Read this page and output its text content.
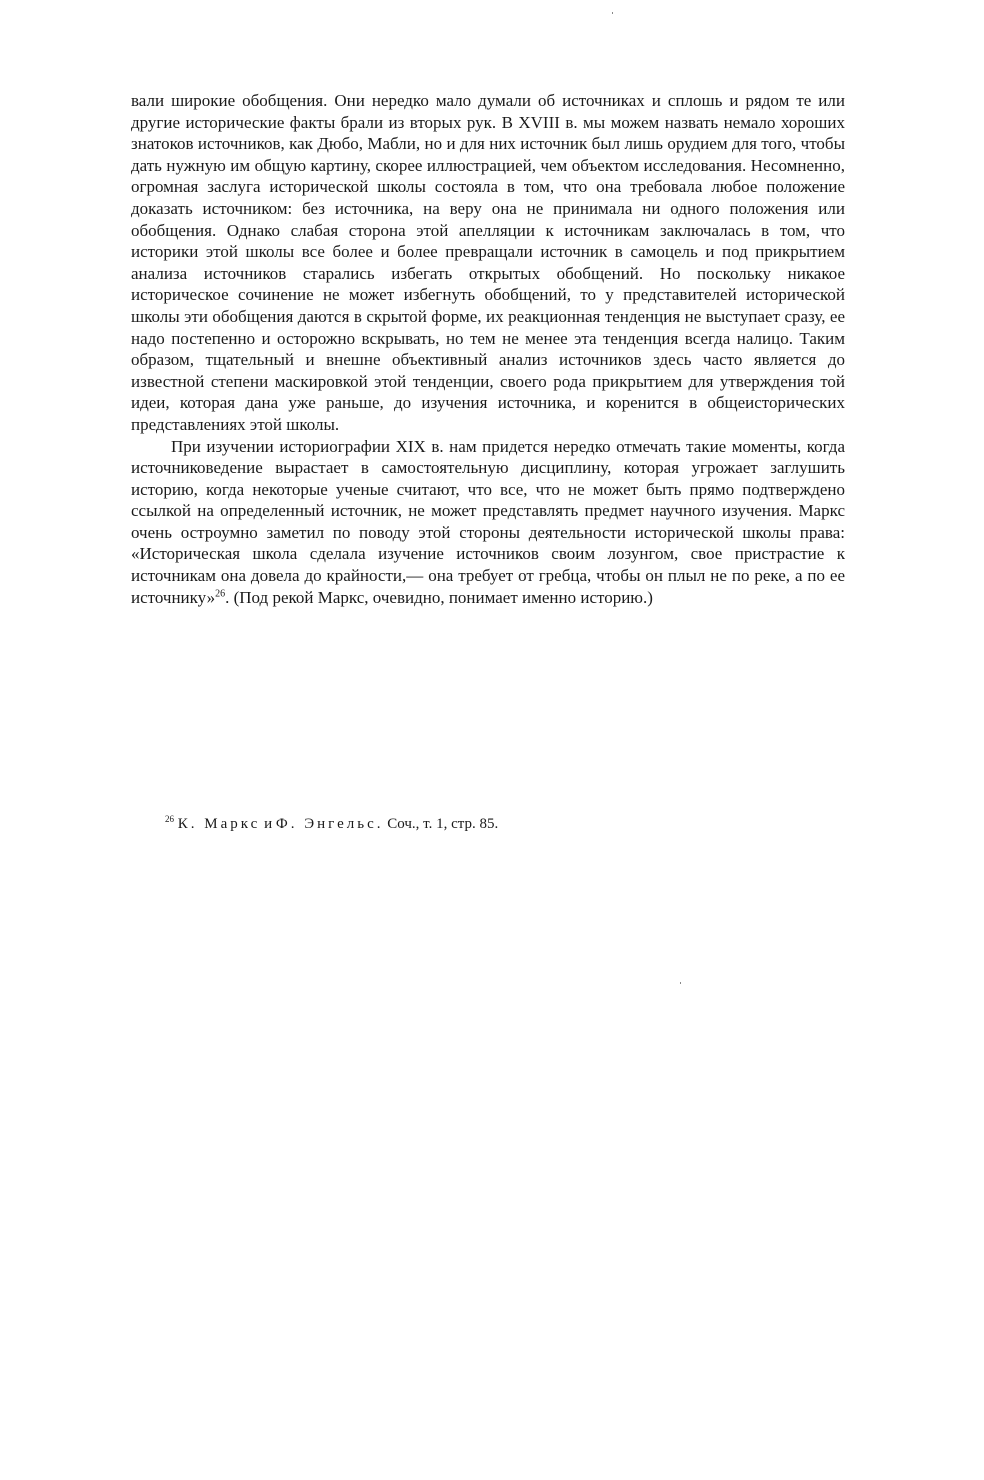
вали широкие обобщения. Они нередко мало думали об источниках и сплошь и рядом те или другие исторические факты брали из вторых рук. В XVIII в. мы можем назвать немало хороших знатоков источников, как Дюбо, Мабли, но и для них источник был лишь орудием для того, чтобы дать нужную им общую картину, скорее иллюстрацией, чем объектом исследования. Несомненно, огромная заслуга исторической школы состояла в том, что она требовала любое положение доказать источником: без источника, на веру она не принимала ни одного положения или обобщения. Однако слабая сторона этой апелляции к источникам заключалась в том, что историки этой школы все более и более превращали источник в самоцель и под прикрытием анализа источников старались избегать открытых обобщений. Но поскольку никакое историческое сочинение не может избегнуть обобщений, то у представителей исторической школы эти обобщения даются в скрытой форме, их реакционная тенденция не выступает сразу, ее надо постепенно и осторожно вскрывать, но тем не менее эта тенденция всегда налицо. Таким образом, тщательный и внешне объективный анализ источников здесь часто является до известной степени маскировкой этой тенденции, своего рода прикрытием для утверждения той идеи, которая дана уже раньше, до изучения источника, и коренится в общеисторических представлениях этой школы.

При изучении историографии XIX в. нам придется нередко отмечать такие моменты, когда источниковедение вырастает в самостоятельную дисциплину, которая угрожает заглушить историю, когда некоторые ученые считают, что все, что не может быть прямо подтверждено ссылкой на определенный источник, не может представлять предмет научного изучения. Маркс очень остроумно заметил по поводу этой стороны деятельности исторической школы права: «Историческая школа сделала изучение источников своим лозунгом, свое пристрастие к источникам она довела до крайности,— она требует от гребца, чтобы он плыл не по реке, а по ее источнику»$^{26}$. (Под рекой Маркс, очевидно, понимает именно историю.)

$^{26}$ К. Маркс и Ф. Энгельс. Соч., т. 1, стр. 85.
